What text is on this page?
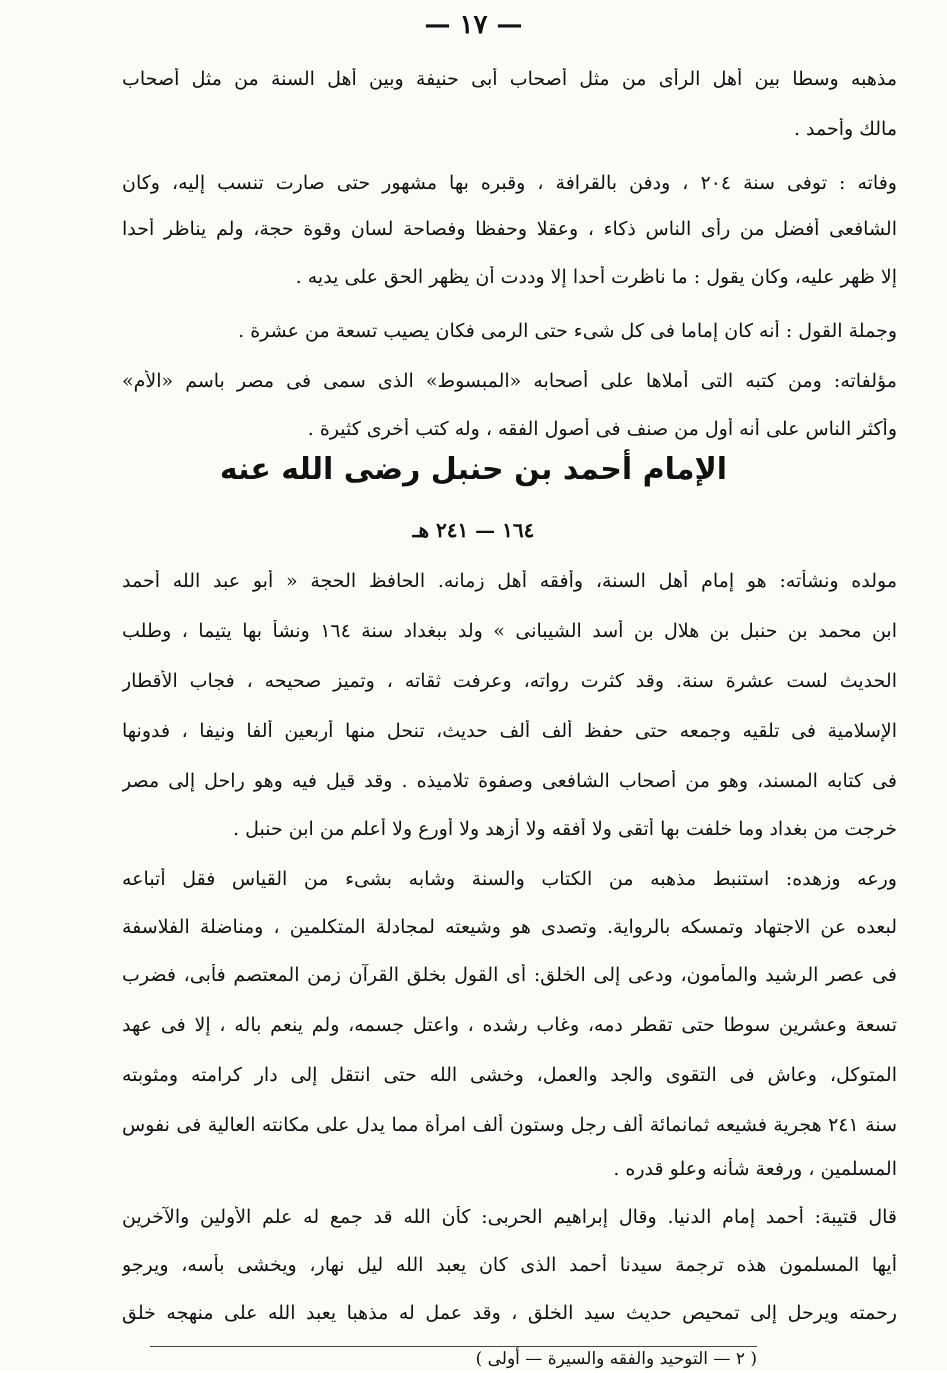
— ١٧ —
مذهبه وسطا بين أهل الرأى من مثل أصحاب أبى حنيفة وبين أهل السنة من مثل أصحاب
مالك وأحمد .
وفاته : توفى سنة ٢٠٤ ، ودفن بالقرافة ، وقبره بها مشهور حتى صارت تنسب إليه، وكان
الشافعى أفضل من رأى الناس ذكاء ، وعقلا وحفظا وفصاحة لسان وقوة حجة، ولم يناظر أحدا
إلا ظهر عليه، وكان يقول : ما ناظرت أحدا إلا وددت أن يظهر الحق على يديه .
وجملة القول : أنه كان إماما فى كل شىء حتى الرمى فكان يصيب تسعة من عشرة .
مؤلفاته: ومن كتبه التى أملاها على أصحابه «المبسوط» الذى سمى فى مصر باسم «الأم»
وأكثر الناس على أنه أول من صنف فى أصول الفقه ، وله كتب أخرى كثيرة .
الإمام أحمد بن حنبل رضى الله عنه
١٦٤ — ٢٤١ هـ
مولده ونشأته: هو إمام أهل السنة، وأفقه أهل زمانه. الحافظ الحجة « أبو عبد الله أحمد
ابن محمد بن حنبل بن هلال بن أسد الشيبانى » ولد ببغداد سنة ١٦٤ ونشأ بها يتيما ، وطلب
الحديث لست عشرة سنة. وقد كثرت رواته، وعرفت ثقاته ، وتميز صحيحه ، فجاب الأقطار
الإسلامية فى تلقيه وجمعه حتى حفظ ألف ألف حديث، تنحل منها أربعين ألفا ونيفا ، فدونها
فى كتابه المسند، وهو من أصحاب الشافعى وصفوة تلاميذه . وقد قيل فيه وهو راحل إلى مصر
خرجت من بغداد وما خلفت بها أتقى ولا أفقه ولا أزهد ولا أورع ولا أعلم من ابن حنبل .
ورعه وزهده: استنبط مذهبه من الكتاب والسنة وشابه بشىء من القياس فقل أتباعه
لبعده عن الاجتهاد وتمسكه بالرواية. وتصدى هو وشيعته لمجادلة المتكلمين ، ومناضلة الفلاسفة
فى عصر الرشيد والمأمون، ودعى إلى الخلق: أى القول بخلق القرآن زمن المعتصم فأبى، فضرب
تسعة وعشرين سوطا حتى تقطر دمه، وغاب رشده ، واعتل جسمه، ولم ينعم باله ، إلا فى عهد
المتوكل، وعاش فى التقوى والجد والعمل، وخشى الله حتى انتقل إلى دار كرامته ومثوبته
سنة ٢٤١ هجرية فشيعه ثمانمائة ألف رجل وستون ألف امرأة مما يدل على مكانته العالية فى نفوس
المسلمين ، ورفعة شأنه وعلو قدره .
قال قتيبة: أحمد إمام الدنيا. وقال إبراهيم الحربى: كأن الله قد جمع له علم الأولين والآخرين
أيها المسلمون هذه ترجمة سيدنا أحمد الذى كان يعبد الله ليل نهار، ويخشى بأسه، ويرجو
رحمته ويرحل إلى تمحيص حديث سيد الخلق ، وقد عمل له مذهبا يعبد الله على منهجه خلق
( ٢ — التوحيد والفقه والسيرة — أولى )
